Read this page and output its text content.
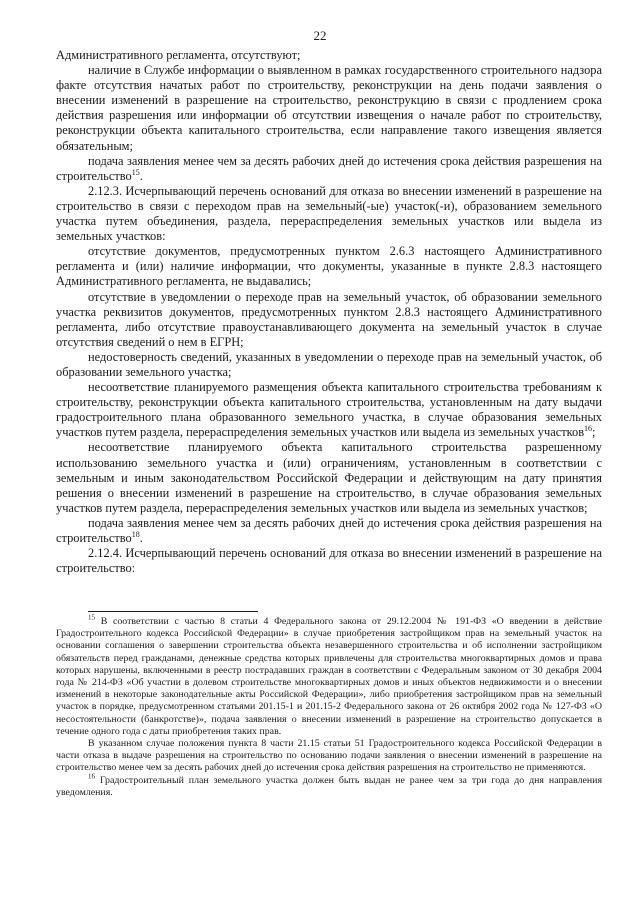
22

Административного регламента, отсутствуют;

наличие в Службе информации о выявленном в рамках государственного строительного надзора факте отсутствия начатых работ по строительству, реконструкции на день подачи заявления о внесении изменений в разрешение на строительство, реконструкцию в связи с продлением срока действия разрешения или информации об отсутствии извещения о начале работ по строительству, реконструкции объекта капитального строительства, если направление такого извещения является обязательным;

подача заявления менее чем за десять рабочих дней до истечения срока действия разрешения на строительство$^{15}$.

2.12.3. Исчерпывающий перечень оснований для отказа во внесении изменений в разрешение на строительство в связи с переходом прав на земельный(-ые) участок(-и), образованием земельного участка путем объединения, раздела, перераспределения земельных участков или выдела из земельных участков:

отсутствие документов, предусмотренных пунктом 2.6.3 настоящего Административного регламента и (или) наличие информации, что документы, указанные в пункте 2.8.3 настоящего Административного регламента, не выдавались;

отсутствие в уведомлении о переходе прав на земельный участок, об образовании земельного участка реквизитов документов, предусмотренных пунктом 2.8.3 настоящего Административного регламента, либо отсутствие правоустанавливающего документа на земельный участок в случае отсутствия сведений о нем в ЕГРН;

недостоверность сведений, указанных в уведомлении о переходе прав на земельный участок, об образовании земельного участка;

несоответствие планируемого размещения объекта капитального строительства требованиям к строительству, реконструкции объекта капитального строительства, установленным на дату выдачи градостроительного плана образованного земельного участка, в случае образования земельных участков путем раздела, перераспределения земельных участков или выдела из земельных участков$^{16}$;

несоответствие планируемого объекта капитального строительства разрешенному использованию земельного участка и (или) ограничениям, установленным в соответствии с земельным и иным законодательством Российской Федерации и действующим на дату принятия решения о внесении изменений в разрешение на строительство, в случае образования земельных участков путем раздела, перераспределения земельных участков или выдела из земельных участков;

подача заявления менее чем за десять рабочих дней до истечения срока действия разрешения на строительство$^{18}$.

2.12.4. Исчерпывающий перечень оснований для отказа во внесении изменений в разрешение на строительство:

$^{15}$ В соответствии с частью 8 статьи 4 Федерального закона от 29.12.2004 № 191-ФЗ «О введении в действие Градостроительного кодекса Российской Федерации» в случае приобретения застройщиком прав на земельный участок на основании соглашения о завершении строительства объекта незавершенного строительства и об исполнении застройщиком обязательств перед гражданами, денежные средства которых привлечены для строительства многоквартирных домов и права которых нарушены, включенными в реестр пострадавших граждан в соответствии с Федеральным законом от 30 декабря 2004 года № 214-ФЗ «Об участии в долевом строительстве многоквартирных домов и иных объектов недвижимости и о внесении изменений в некоторые законодательные акты Российской Федерации», либо приобретения застройщиком прав на земельный участок в порядке, предусмотренном статьями 201.15-1 и 201.15-2 Федерального закона от 26 октября 2002 года № 127-ФЗ «О несостоятельности (банкротстве)», подача заявления о внесении изменений в разрешение на строительство допускается в течение одного года с даты приобретения таких прав.

В указанном случае положения пункта 8 части 21.15 статьи 51 Градостроительного кодекса Российской Федерации в части отказа в выдаче разрешения на строительство по основанию подачи заявления о внесении изменений в разрешение на строительство менее чем за десять рабочих дней до истечения срока действия разрешения на строительство не применяются.

$^{16}$ Градостроительный план земельного участка должен быть выдан не ранее чем за три года до дня направления уведомления.
